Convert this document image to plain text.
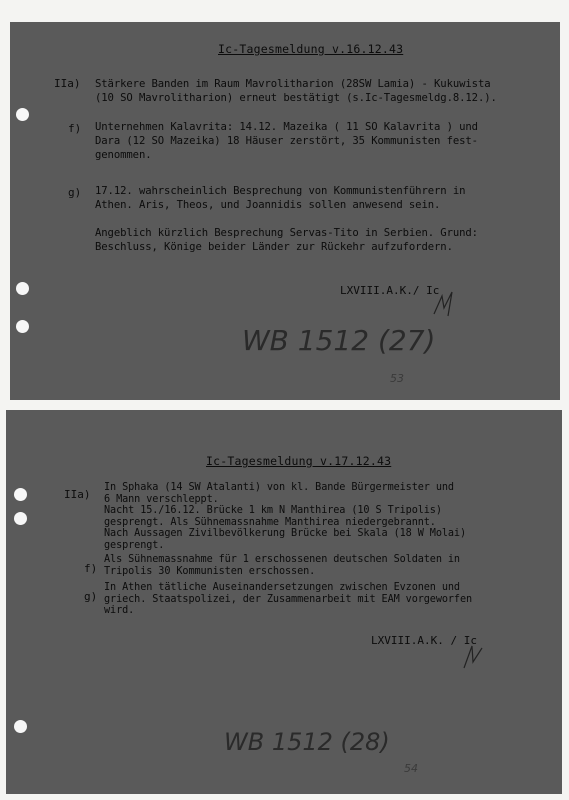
Ic-Tagesmeldung v.16.12.43
IIa) Stärkere Banden im Raum Mavrolitharion (28SW Lamia) - Kukuwista
(10 SO Mavrolitharion) erneut bestätigt (s.Ic-Tagesmeldg.8.12.).
f) Unternehmen Kalavrita: 14.12. Mazeika ( 11 SO Kalavrita ) und
Dara (12 SO Mazeika) 18 Häuser zerstört, 35 Kommunisten fest-
genommen.
g) 17.12. wahrscheinlich Besprechung von Kommunistenführern in
Athen. Aris, Theos, und Joannidis sollen anwesend sein.
Angeblich kürzlich Besprechung Servas-Tito in Serbien. Grund:
Beschluss, Könige beider Länder zur Rückehr aufzufordern.
LXVIII.A.K./ Ic
WB 1512 (27)
53
Ic-Tagesmeldung v.17.12.43
IIa)
In Sphaka (14 SW Atalanti) von kl. Bande Bürgermeister und
6 Mann verschleppt.
Nacht 15./16.12. Brücke 1 km N Manthirea (10 S Tripolis)
gesprengt. Als Sühnemassnahme Manthirea niedergebrannt.
Nach Aussagen Zivilbevölkerung Brücke bei Skala (18 W Molai)
gesprengt.
f)
Als Sühnemassnahme für 1 erschossenen deutschen Soldaten in
Tripolis 30 Kommunisten erschossen.
g)
In Athen tätliche Auseinandersetzungen zwischen Evzonen und
griech. Staatspolizei, der Zusammenarbeit mit EAM vorgeworfen
wird.
LXVIII.A.K. / Ic
WB 1512 (28)
54
